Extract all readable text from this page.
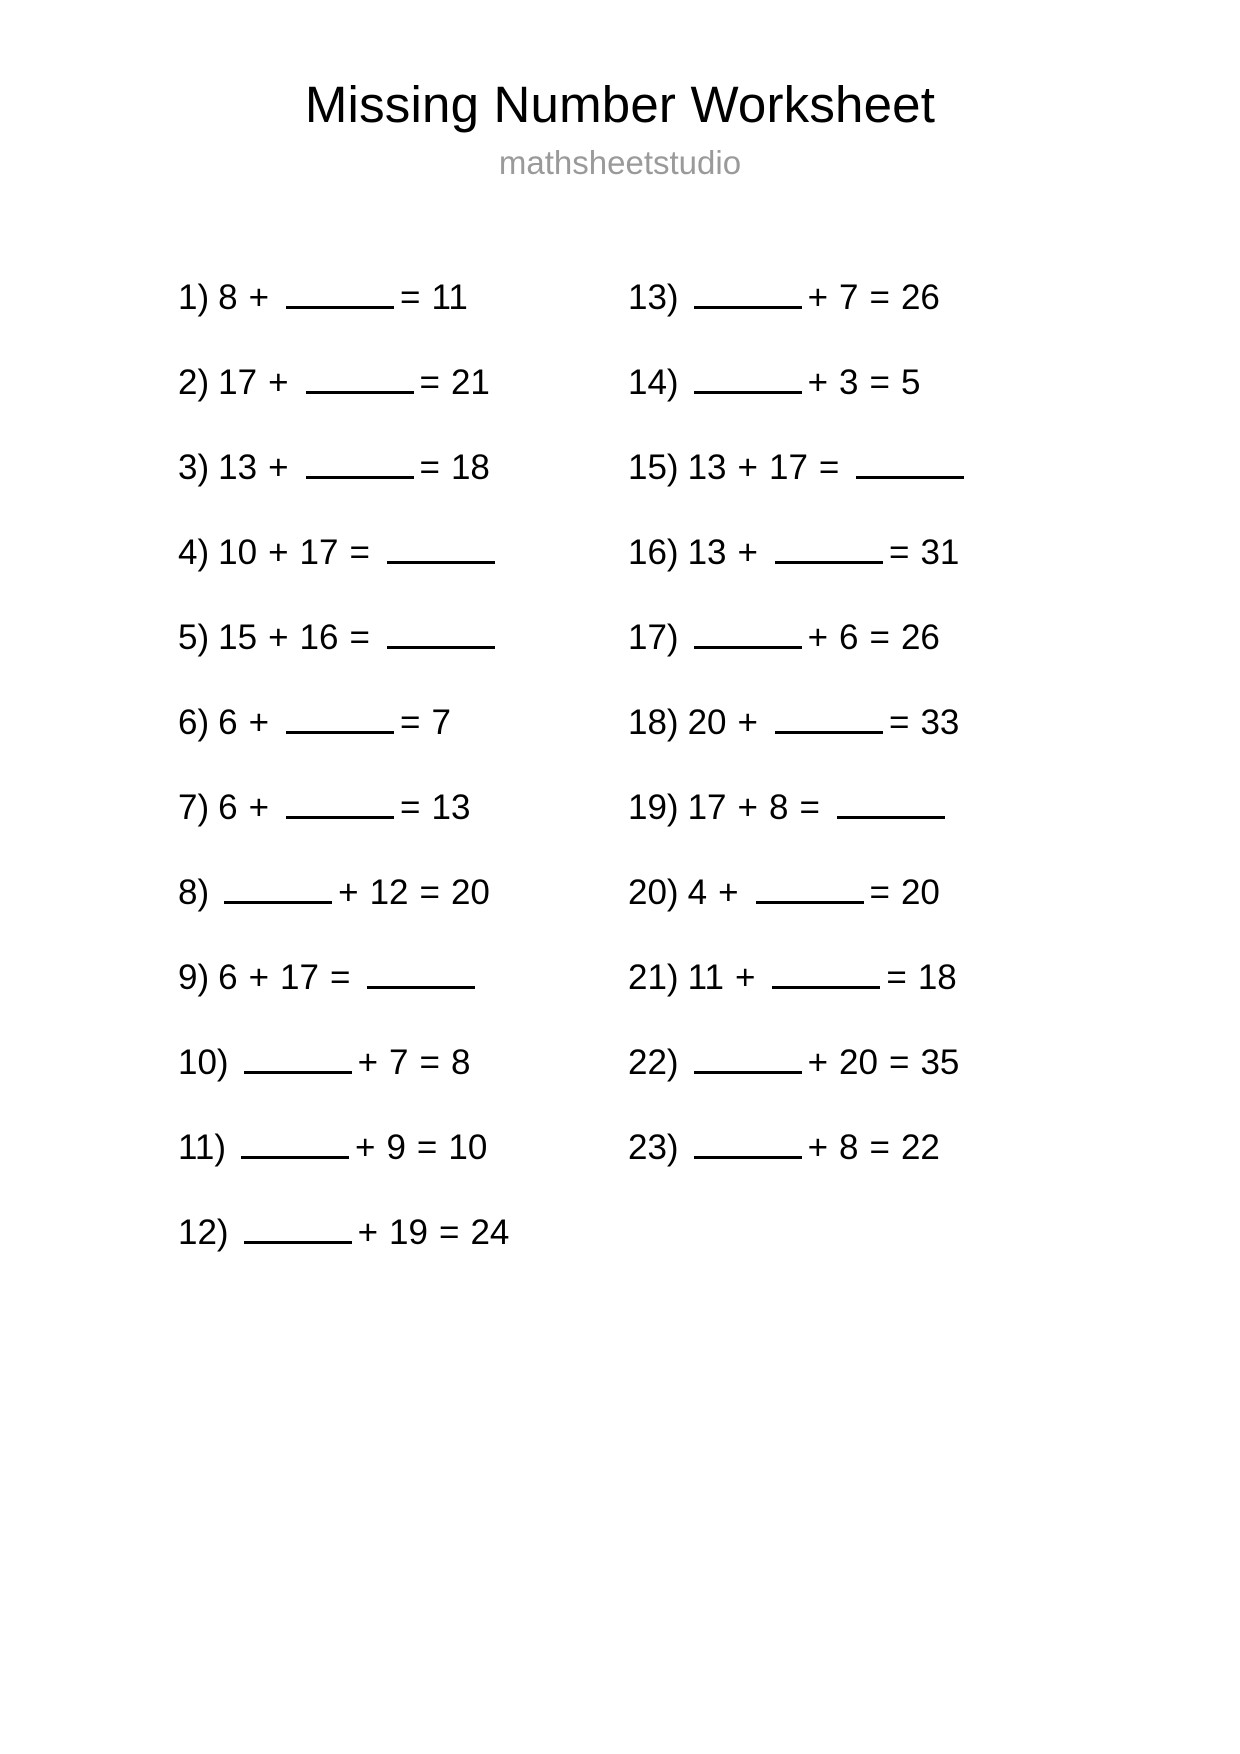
Missing Number Worksheet
mathsheetstudio
1) 8 +	= 11
2) 17 +	= 21
3) 13 +	= 18
4) 10 + 17 =
5) 15 + 16 =
6) 6 +	= 7
7) 6 +	= 13
8)	+ 12 = 20
9) 6 + 17 =
10)	+ 7 = 8
11)	+ 9 = 10
12)	+ 19 = 24
13)	+ 7 = 26
14)	+ 3 = 5
15) 13 + 17 =
16) 13 +	= 31
17)	+ 6 = 26
18) 20 +	= 33
19) 17 + 8 =
20) 4 +	= 20
21) 11 +	= 18
22)	+ 20 = 35
23)	+ 8 = 22
